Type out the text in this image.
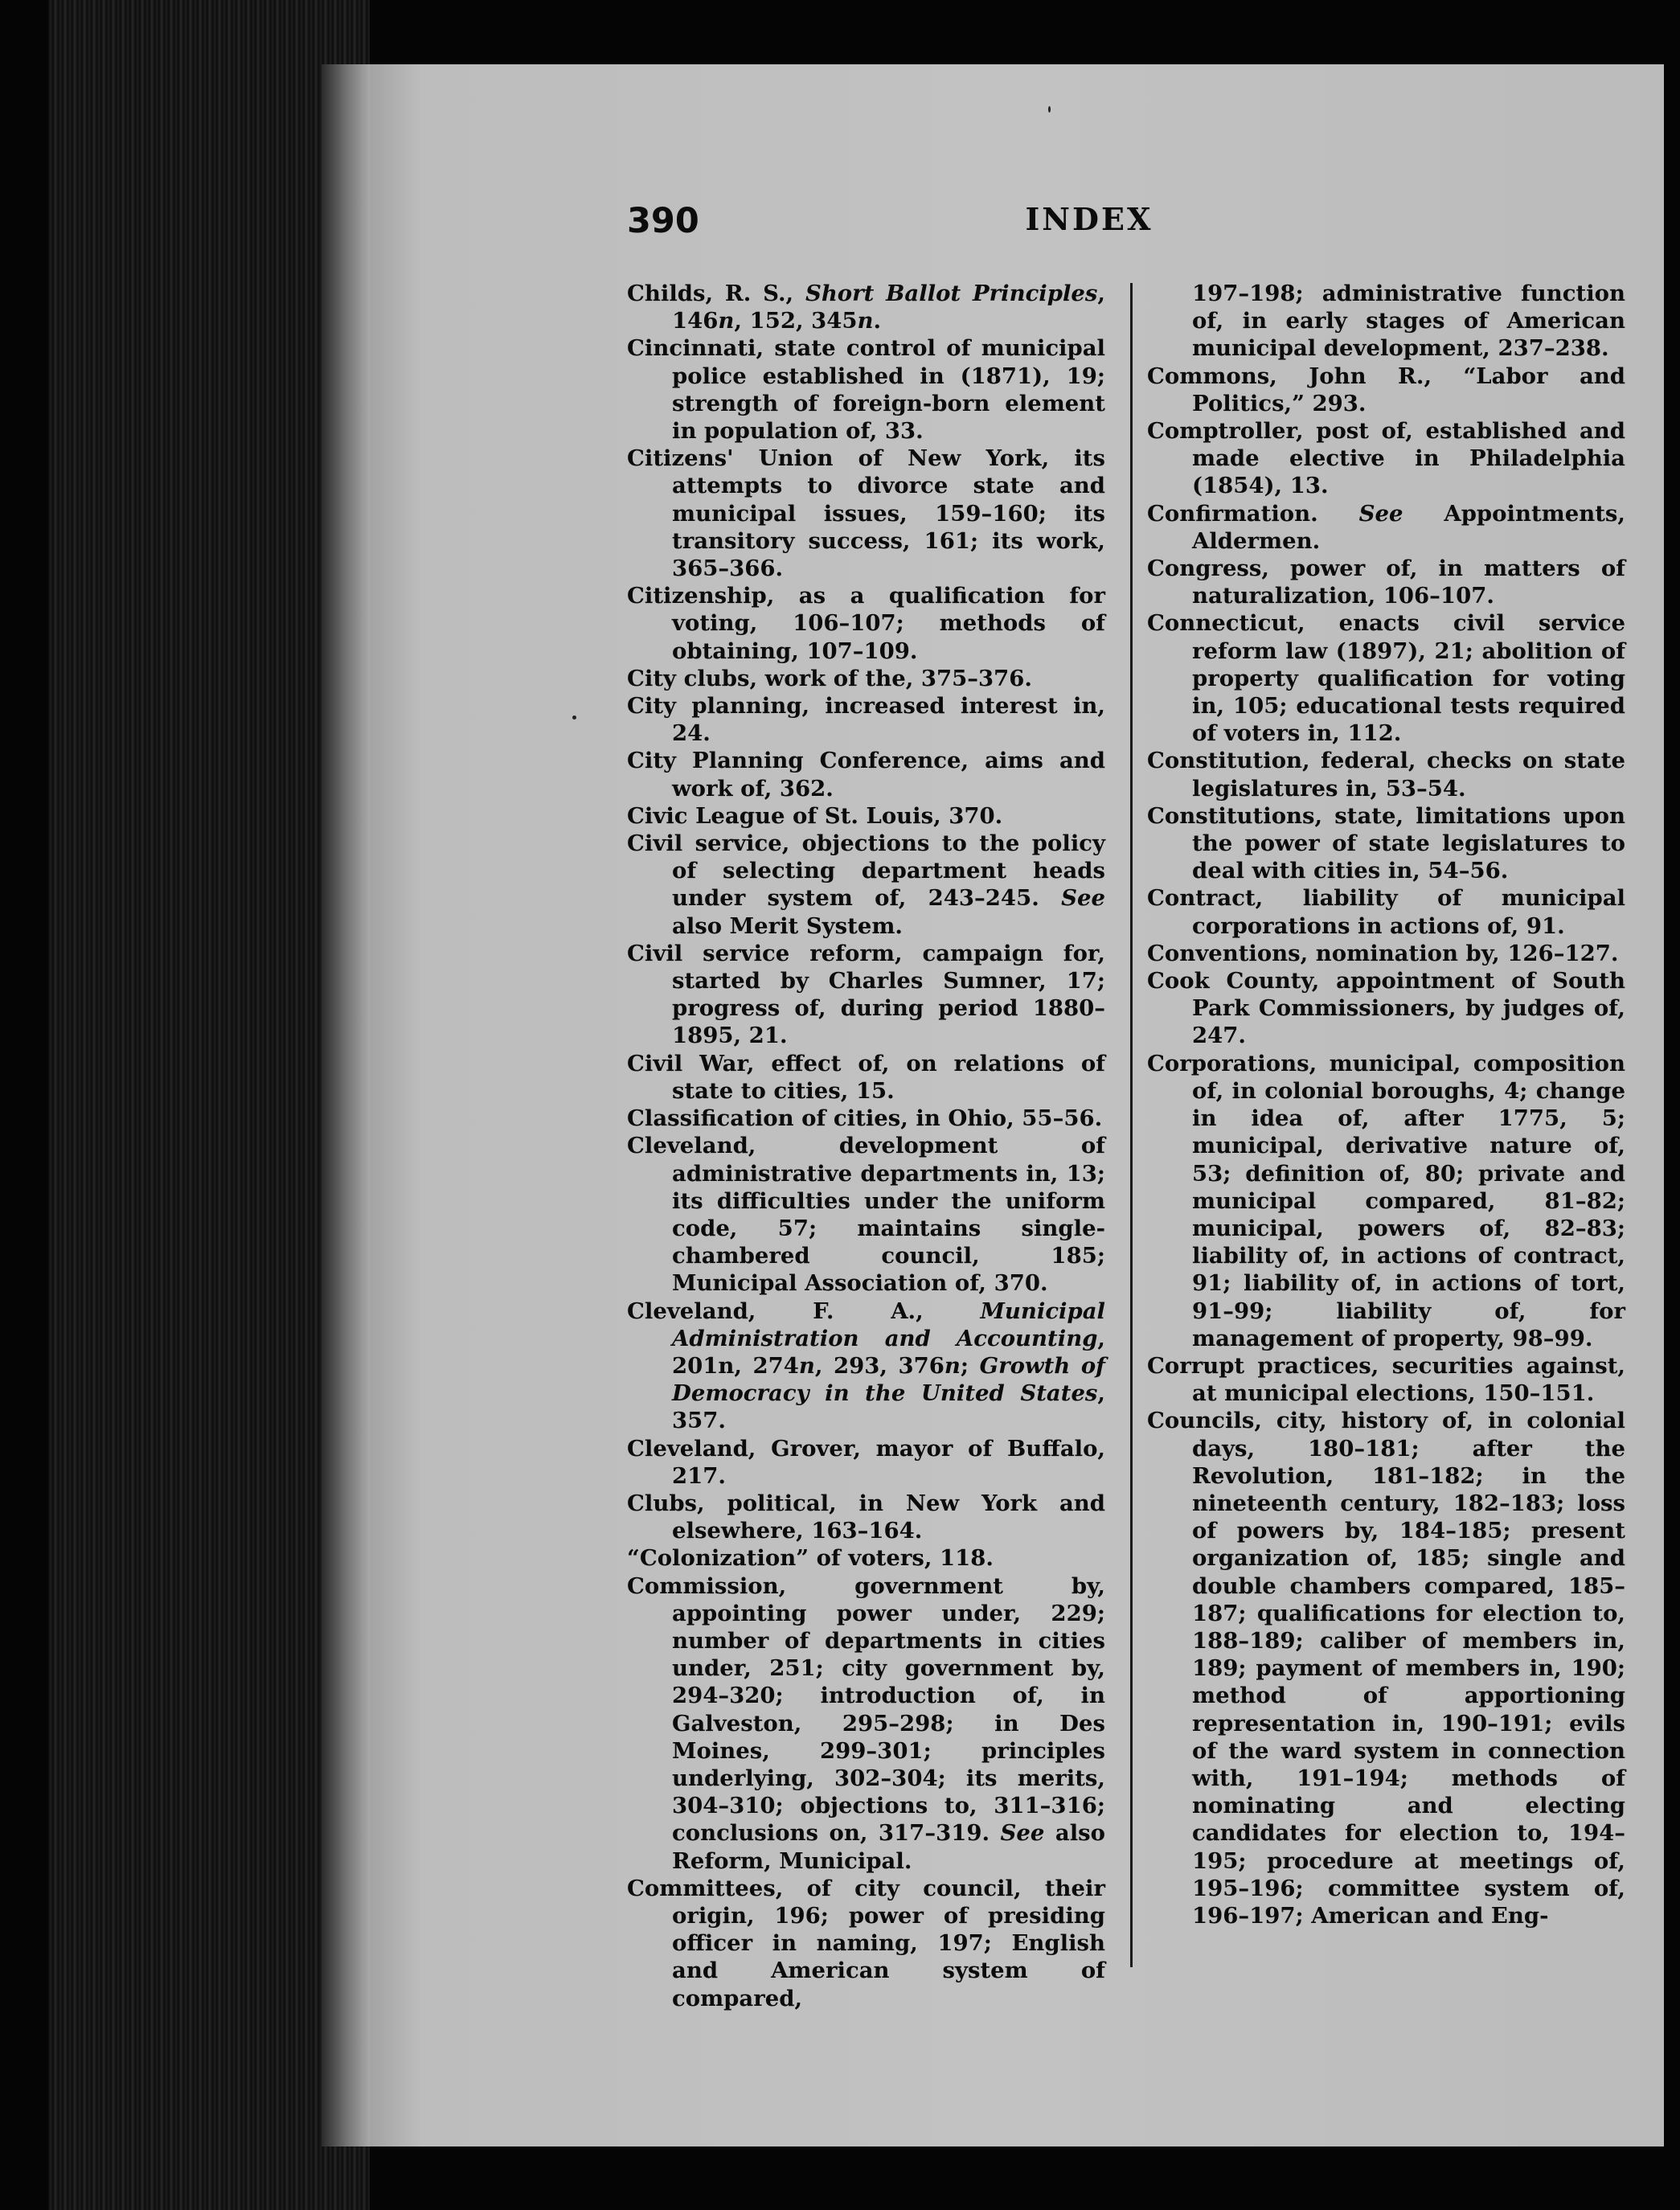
390	INDEX

Childs, R. S., Short Ballot Principles, 146n, 152, 345n.

Cincinnati, state control of municipal police established in (1871), 19; strength of foreign-born element in population of, 33.

Citizens' Union of New York, its attempts to divorce state and municipal issues, 159–160; its transitory success, 161; its work, 365–366.

Citizenship, as a qualification for voting, 106–107; methods of obtaining, 107–109.

City clubs, work of the, 375–376.

City planning, increased interest in, 24.

City Planning Conference, aims and work of, 362.

Civic League of St. Louis, 370.

Civil service, objections to the policy of selecting department heads under system of, 243–245. See also Merit System.

Civil service reform, campaign for, started by Charles Sumner, 17; progress of, during period 1880–1895, 21.

Civil War, effect of, on relations of state to cities, 15.

Classification of cities, in Ohio, 55–56.

Cleveland, development of administrative departments in, 13; its difficulties under the uniform code, 57; maintains single-chambered council, 185; Municipal Association of, 370.

Cleveland, F. A., Municipal Administration and Accounting, 201n, 274n, 293, 376n; Growth of Democracy in the United States, 357.

Cleveland, Grover, mayor of Buffalo, 217.

Clubs, political, in New York and elsewhere, 163–164.

“Colonization” of voters, 118.

Commission, government by, appointing power under, 229; number of departments in cities under, 251; city government by, 294–320; introduction of, in Galveston, 295–298; in Des Moines, 299–301; principles underlying, 302–304; its merits, 304–310; objections to, 311–316; conclusions on, 317–319. See also Reform, Municipal.

Committees, of city council, their origin, 196; power of presiding officer in naming, 197; English and American system of compared,

197–198; administrative function of, in early stages of American municipal development, 237–238.

Commons, John R., “Labor and Politics,” 293.

Comptroller, post of, established and made elective in Philadelphia (1854), 13.

Confirmation. See Appointments, Aldermen.

Congress, power of, in matters of naturalization, 106–107.

Connecticut, enacts civil service reform law (1897), 21; abolition of property qualification for voting in, 105; educational tests required of voters in, 112.

Constitution, federal, checks on state legislatures in, 53–54.

Constitutions, state, limitations upon the power of state legislatures to deal with cities in, 54–56.

Contract, liability of municipal corporations in actions of, 91.

Conventions, nomination by, 126–127.

Cook County, appointment of South Park Commissioners, by judges of, 247.

Corporations, municipal, composition of, in colonial boroughs, 4; change in idea of, after 1775, 5; municipal, derivative nature of, 53; definition of, 80; private and municipal compared, 81–82; municipal, powers of, 82–83; liability of, in actions of contract, 91; liability of, in actions of tort, 91–99; liability of, for management of property, 98–99.

Corrupt practices, securities against, at municipal elections, 150–151.

Councils, city, history of, in colonial days, 180–181; after the Revolution, 181–182; in the nineteenth century, 182–183; loss of powers by, 184–185; present organization of, 185; single and double chambers compared, 185–187; qualifications for election to, 188–189; caliber of members in, 189; payment of members in, 190; method of apportioning representation in, 190–191; evils of the ward system in connection with, 191–194; methods of nominating and electing candidates for election to, 194–195; procedure at meetings of, 195–196; committee system of, 196–197; American and Eng-
